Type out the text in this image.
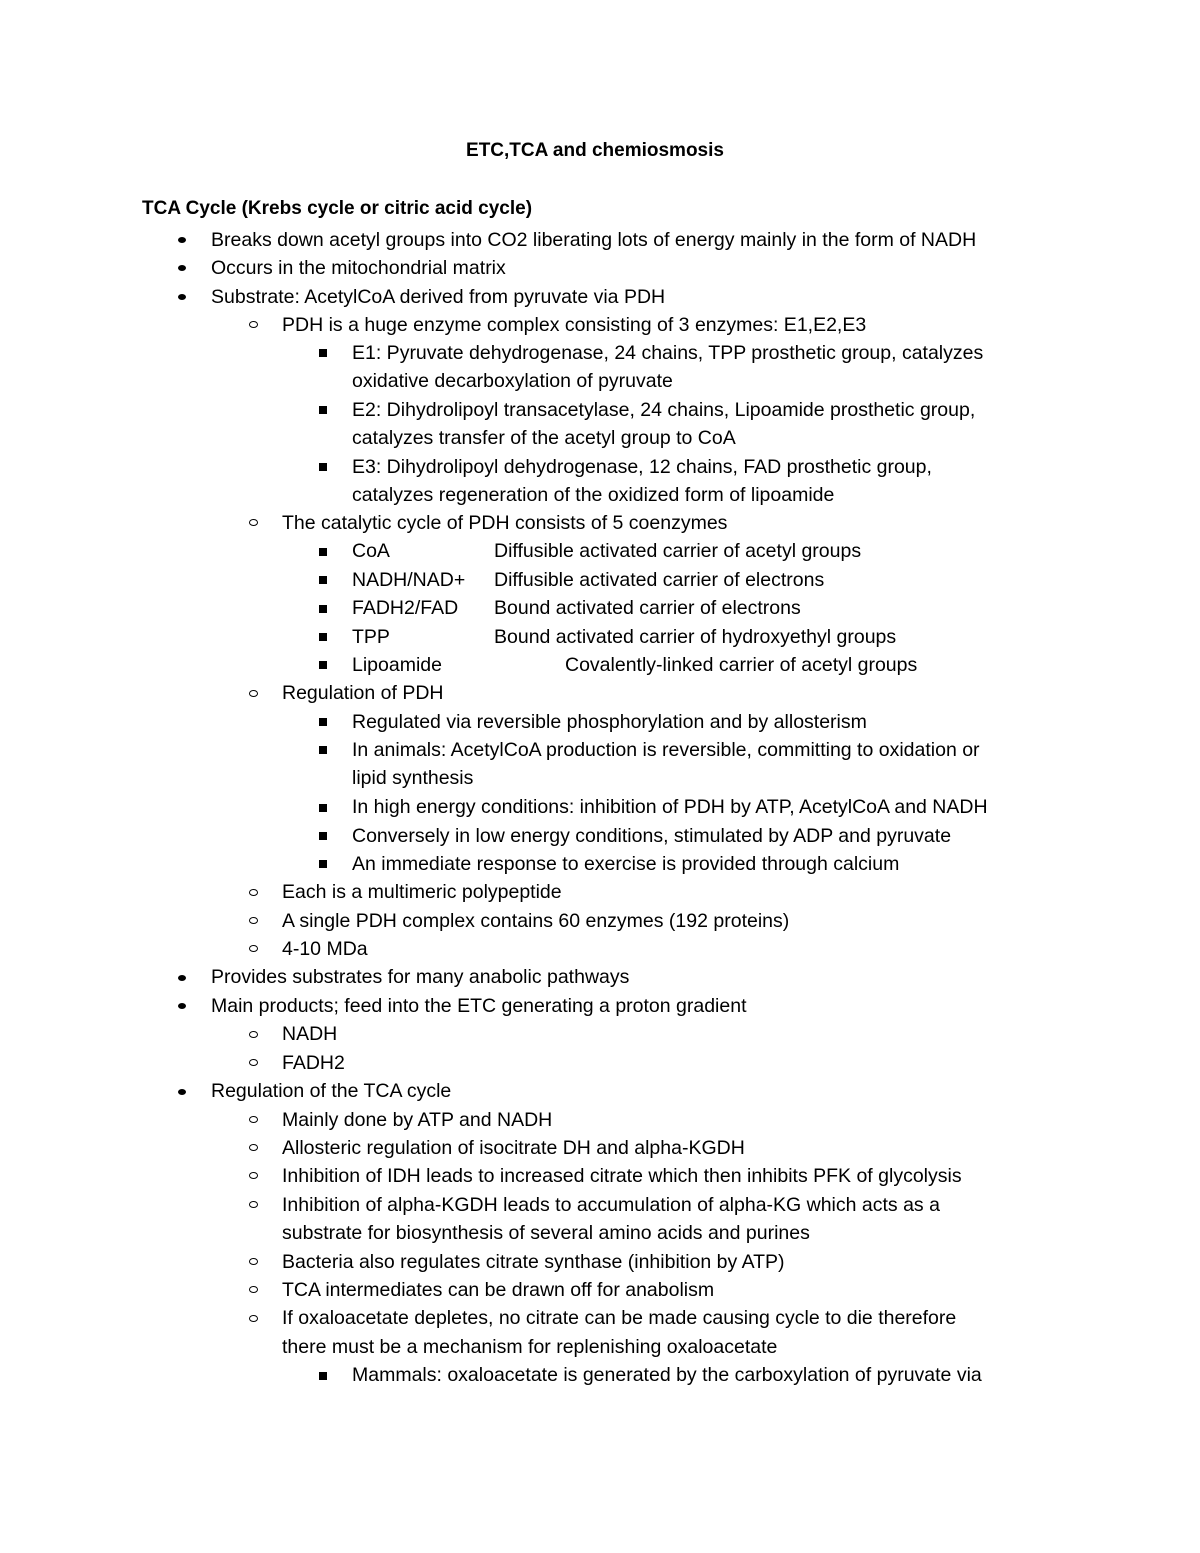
ETC,TCA and chemiosmosis
TCA Cycle (Krebs cycle or citric acid cycle)
Breaks down acetyl groups into CO2 liberating lots of energy mainly in the form of NADH
Occurs in the mitochondrial matrix
Substrate: AcetylCoA derived from pyruvate via PDH
PDH is a huge enzyme complex consisting of 3 enzymes: E1,E2,E3
E1: Pyruvate dehydrogenase, 24 chains, TPP prosthetic group, catalyzes
oxidative decarboxylation of pyruvate
E2: Dihydrolipoyl transacetylase, 24 chains, Lipoamide prosthetic group,
catalyzes transfer of the acetyl group to CoA
E3: Dihydrolipoyl dehydrogenase, 12 chains, FAD prosthetic group,
catalyzes regeneration of the oxidized form of lipoamide
The catalytic cycle of PDH consists of 5 coenzymes
CoA	Diffusible activated carrier of acetyl groups
NADH/NAD+ Diffusible activated carrier of electrons
FADH2/FAD Bound activated carrier of electrons
TPP	Bound activated carrier of hydroxyethyl groups
Lipoamide	Covalently-linked carrier of acetyl groups
Regulation of PDH
Regulated via reversible phosphorylation and by allosterism
In animals: AcetylCoA production is reversible, committing to oxidation or
lipid synthesis
In high energy conditions: inhibition of PDH by ATP, AcetylCoA and NADH
Conversely in low energy conditions, stimulated by ADP and pyruvate
An immediate response to exercise is provided through calcium
Each is a multimeric polypeptide
A single PDH complex contains 60 enzymes (192 proteins)
4-10 MDa
Provides substrates for many anabolic pathways
Main products; feed into the ETC generating a proton gradient
NADH
FADH2
Regulation of the TCA cycle
Mainly done by ATP and NADH
Allosteric regulation of isocitrate DH and alpha-KGDH
Inhibition of IDH leads to increased citrate which then inhibits PFK of glycolysis
Inhibition of alpha-KGDH leads to accumulation of alpha-KG which acts as a
substrate for biosynthesis of several amino acids and purines
Bacteria also regulates citrate synthase (inhibition by ATP)
TCA intermediates can be drawn off for anabolism
If oxaloacetate depletes, no citrate can be made causing cycle to die therefore
there must be a mechanism for replenishing oxaloacetate
Mammals: oxaloacetate is generated by the carboxylation of pyruvate via
